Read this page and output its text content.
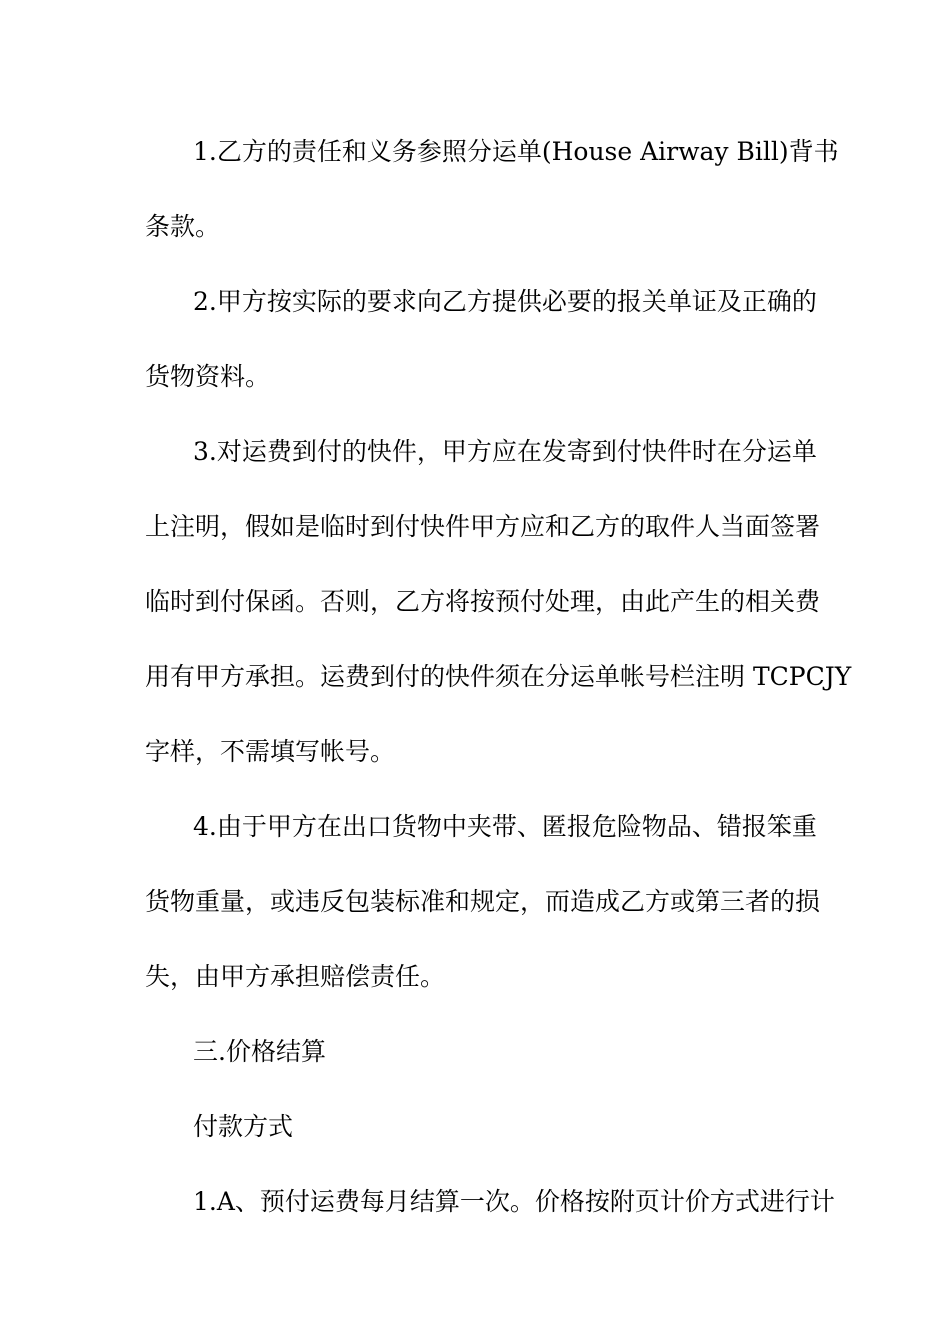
1.乙方的责任和义务参照分运单(House Airway Bill)背书
条款。
2.甲方按实际的要求向乙方提供必要的报关单证及正确的
货物资料。
3.对运费到付的快件，甲方应在发寄到付快件时在分运单
上注明，假如是临时到付快件甲方应和乙方的取件人当面签署
临时到付保函。否则，乙方将按预付处理，由此产生的相关费
用有甲方承担。运费到付的快件须在分运单帐号栏注明 TCPCJY
字样，不需填写帐号。
4.由于甲方在出口货物中夹带、匿报危险物品、错报笨重
货物重量，或违反包装标准和规定，而造成乙方或第三者的损
失，由甲方承担赔偿责任。
三.价格结算
付款方式
1.A、预付运费每月结算一次。价格按附页计价方式进行计
